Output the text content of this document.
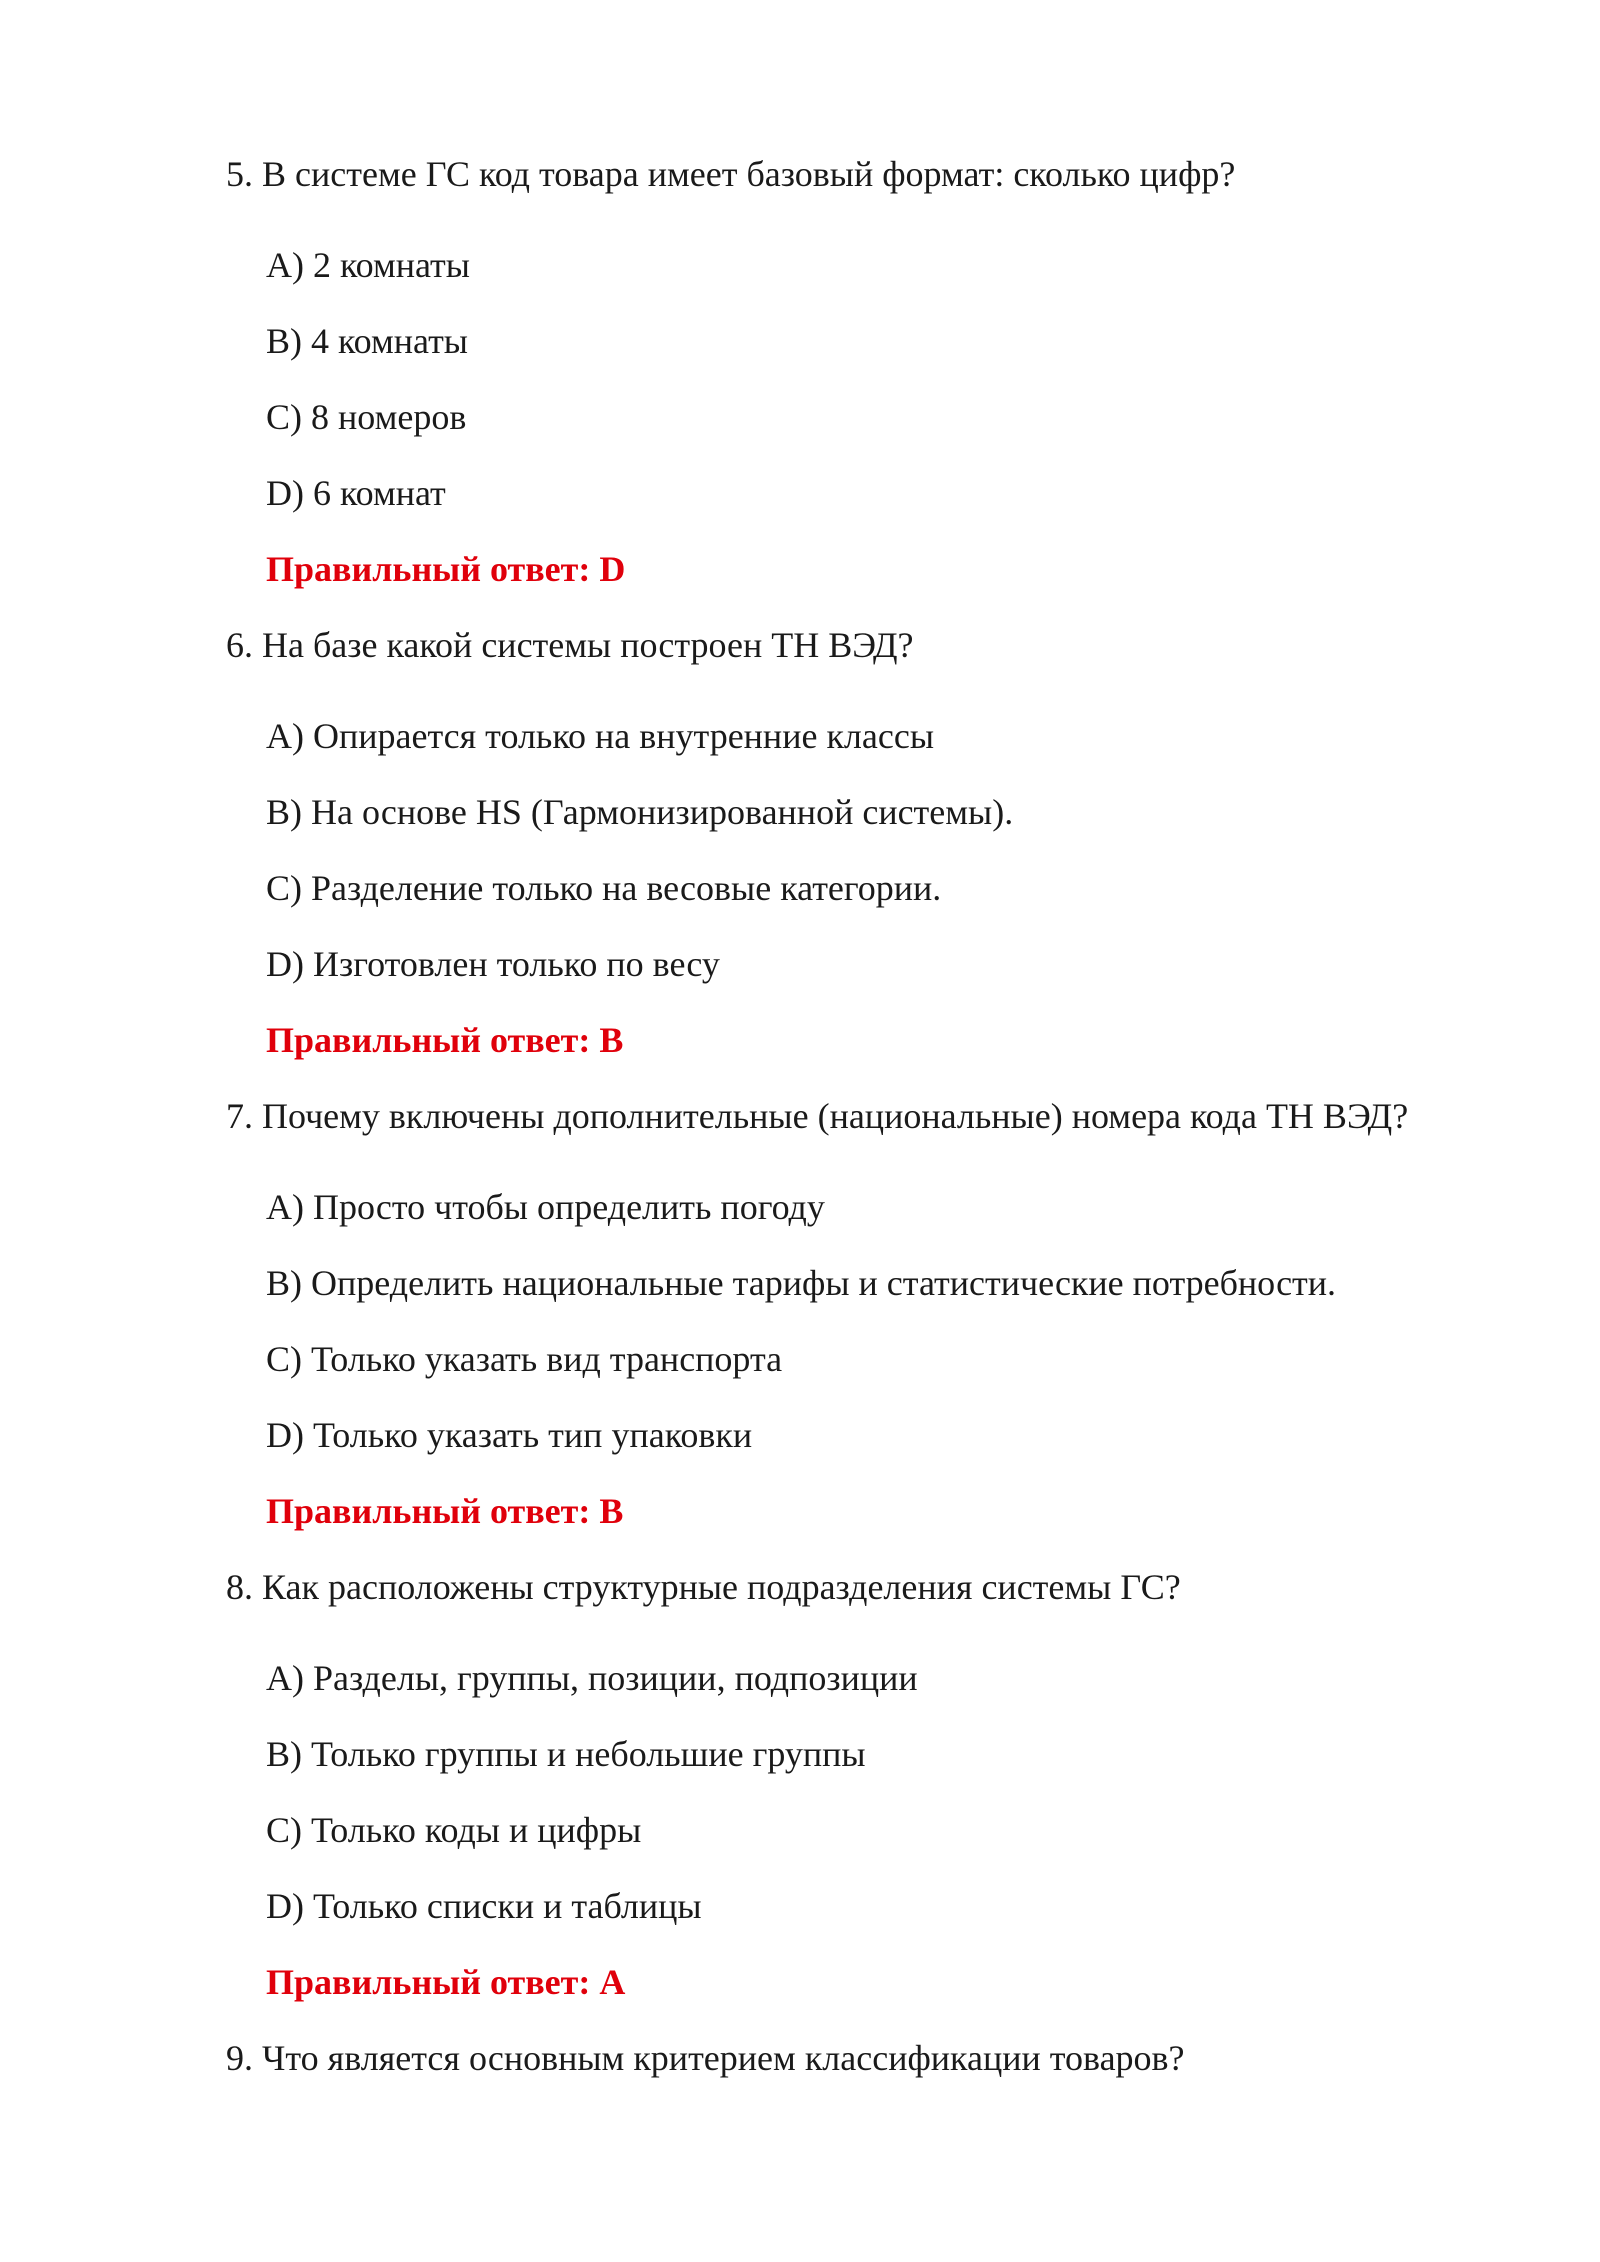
5. В системе ГС код товара имеет базовый формат: сколько цифр?
A) 2 комнаты
B) 4 комнаты
C) 8 номеров
D) 6 комнат
Правильный ответ: D
6. На базе какой системы построен ТН ВЭД?
A) Опирается только на внутренние классы
B) На основе HS (Гармонизированной системы).
C) Разделение только на весовые категории.
D) Изготовлен только по весу
Правильный ответ: B
7. Почему включены дополнительные (национальные) номера кода ТН ВЭД?
A) Просто чтобы определить погоду
B) Определить национальные тарифы и статистические потребности.
C) Только указать вид транспорта
D) Только указать тип упаковки
Правильный ответ: B
8. Как расположены структурные подразделения системы ГС?
A) Разделы, группы, позиции, подпозиции
B) Только группы и небольшие группы
C) Только коды и цифры
D) Только списки и таблицы
Правильный ответ: A
9. Что является основным критерием классификации товаров?
